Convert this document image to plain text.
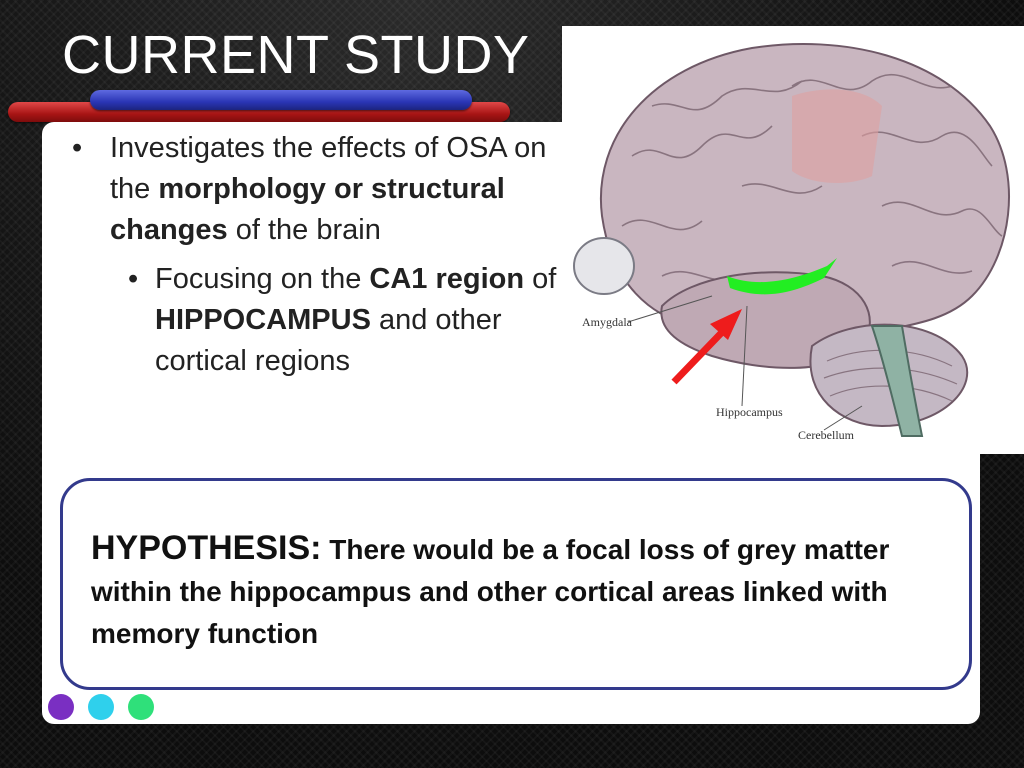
CURRENT STUDY
• Investigates the effects of OSA on the morphology or structural changes of the brain
• Focusing on the CA1 region of HIPPOCAMPUS and other cortical regions
Amygdala
Hippocampus
Cerebellum
HYPOTHESIS: There would be a focal loss of grey matter within the hippocampus and other cortical areas linked with memory function
